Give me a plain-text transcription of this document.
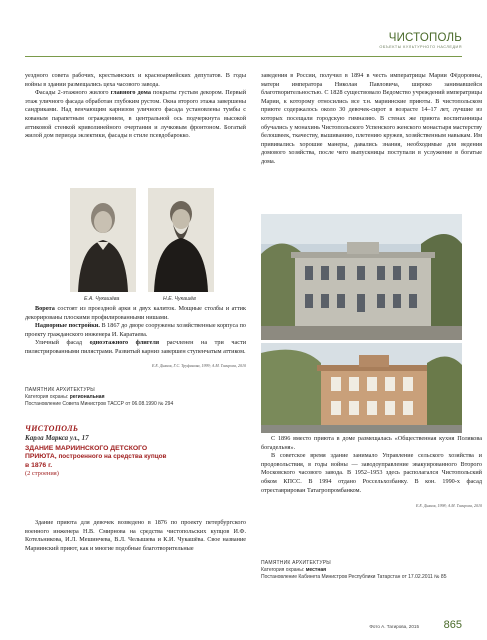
ЧИСТОПОЛЬ
ОБЪЕКТЫ КУЛЬТУРНОГО НАСЛЕДИЯ

уездного совета рабочих, крестьянских и красноармейских депутатов. В годы войны в здании размещались цеха часового завода.

Фасады 2-этажного жилого главного дома покрыты густым декором. Первый этаж уличного фасада обработан глубоким рустом. Окна второго этажа завершены сандриками. Над венчающим карнизом уличного фасада установлены тумбы с кованым парапетным ограждением, в центральной ось подчеркнута высокой аттиковой стенкой криволинейного очертания и лучковым фронтоном. Богатый жилой дом периода эклектики, фасады в стиле псевдобарокко.

Е.А. Чукашёва	Н.Е. Чукашёв

Ворота состоят из проездной арки и двух калиток. Мощные столбы и аттик декорированы плоскими профилированными нишами.

Надворные постройки. В 1867 до дворе сооружены хозяйственные корпуса по проекту гражданского инженера И. Каратаева.

Уличный фасад одноэтажного флигеля расчленен на три части пилястрированными пилястрами. Развитый карниз завершен ступенчатым аттиком.

Е.Е. Дьяков, Г.С. Труфанова, 1999; А.М. Тагирова, 2010
ПАМЯТНИК АРХИТЕКТУРЫ
Категория охраны: региональная
Постановление Совета Министров ТАССР от 06.08.1990 № 294
ЧИСТОПОЛЬ
Карла Маркса ул., 17
ЗДАНИЕ МАРИИНСКОГО ДЕТСКОГО
ПРИЮТА, построенного на средства купцов
в 1876 г.
(2 строения)

Здание приюта для девочек возведено в 1876 по проекту петербургского военного инженера Н.В. Смирнова на средства чистопольских купцов И.Ф. Котельникова, И.Л. Мешинчева, В.Л. Челышева и К.И. Чукашёва. Свое название Мариинский приют, как и многие подобные благотворительные

заведения в России, получил в 1894 в честь императрицы Марии Фёдоровны, матери императора Николая Павловича, широко занимавшейся благотворительностью. С 1828 существовало Ведомство учреждений императрицы Марии, к которому относились все т.н. мариинские приюты. В чистопольском приюте содержалось около 30 девочек-сирот в возрасте 14–17 лет, лучшие из которых посещали городскую гимназию. В стенах же приюта воспитанницы обучались у монахинь Чистопольского Успенского женского монастыря мастерству белошвеек, ткачеству, вышиванию, плетению кружев, хозяйственным навыкам. Им прививались хорошие манеры, давались знания, необходимые для ведения домового хозяйства, после чего выпускницы поступали в услужение в богатые дома.

С 1896 вместо приюта в доме размещалась «Общественная кухня Полякова богадельня».

В советское время здание занимало Управление сельского хозяйства и продовольствия, в годы войны — заводоуправление эвакуированного Второго Московского часового завода. В 1952–1953 здесь располагался Чистопольский обком КПСС. В 1994 отдано Россельхозбанку. В кон. 1990-х фасад отреставрирован Татагропромбанком.

Е.Е. Дьяков, 1998; А.М. Тагирова, 2010
ПАМЯТНИК АРХИТЕКТУРЫ
Категория охраны: местная
Постановление Кабинета Министров Республики Татарстан от 17.02.2011 № 85
Фото А. Тагирова, 2015 865
